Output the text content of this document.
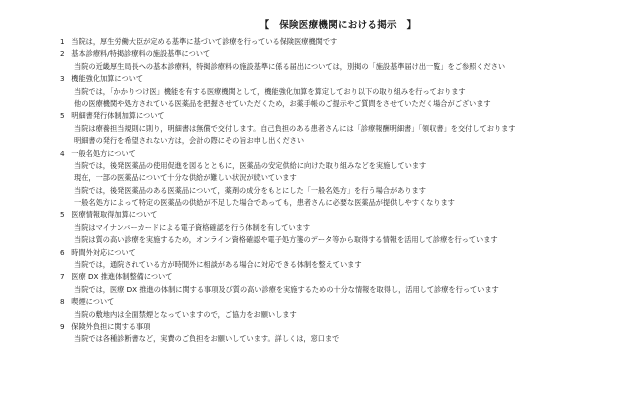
【　保険医療機関における掲示　】
1 当院は，厚生労働大臣が定める基準に基づいて診療を行っている保険医療機関です
2 基本診療料/特掲診療料の施設基準について
当院の近畿厚生局長への基本診療料，特掲診療料の施設基準に係る届出については，別掲の「施設基準届け出一覧」をご参照ください
3 機能強化加算について
当院では，「かかりつけ医」機能を有する医療機関として，機能強化加算を算定しており以下の取り組みを行っております
他の医療機関や処方されている医薬品を把握させていただくため，お薬手帳のご提示やご質問をさせていただく場合がございます
5 明細書発行体制加算について
当院は療養担当規則に則り，明細書は無償で交付します。自己負担のある患者さんには「診療報酬明細書」「領収書」を交付しております
明細書の発行を希望されない方は，会計の際にその旨お申し出ください
4 一般名処方について
当院では，後発医薬品の使用促進を図るとともに，医薬品の安定供給に向けた取り組みなどを実施しています
現在，一部の医薬品について十分な供給が難しい状況が続いています
当院では，後発医薬品のある医薬品について，薬剤の成分をもとにした「一般名処方」を行う場合があります
一般名処方によって特定の医薬品の供給が不足した場合であっても，患者さんに必要な医薬品が提供しやすくなります
5 医療情報取得加算について
当院はマイナンバーカードによる電子資格確認を行う体制を有しています
当院は質の高い診療を実施するため，オンライン資格確認や電子処方箋のデータ等から取得する情報を活用して診療を行っています
6 時間外対応について
当院では，通院されている方が時間外に相談がある場合に対応できる体制を整えています
7 医療 DX 推進体制整備について
当院では，医療 DX 推進の体制に関する事項及び質の高い診療を実施するための十分な情報を取得し，活用して診療を行っています
8 喫煙について
当院の敷地内は全面禁煙となっていますので，ご協力をお願いします
9 保険外負担に関する事項
当院では各種診断書など，実費のご負担をお願いしています。詳しくは，窓口まで
